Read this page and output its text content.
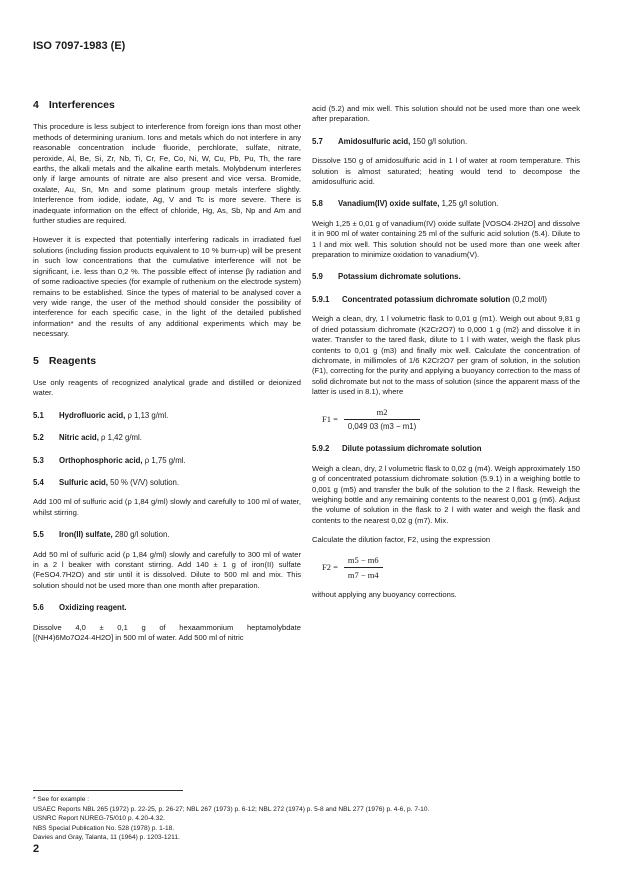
ISO 7097-1983 (E)
4 Interferences

This procedure is less subject to interference from foreign ions than most other methods of determining uranium. Ions and metals which do not interfere in any reasonable concentration include fluoride, perchlorate, sulfate, nitrate, peroxide, Al, Be, Si, Zr, Nb, Ti, Cr, Fe, Co, Ni, W, Cu, Pb, Pu, Th, the rare earths, the alkali metals and the alkaline earth metals. Molybdenum interferes only if large amounts of nitrate are also present and vice versa. Bromide, oxalate, Au, Sn, Mn and some platinum group metals interfere slightly. Interference from iodide, iodate, Ag, V and Tc is more severe. There is inadequate information on the effect of chloride, Hg, As, Sb, Np and Am and further studies are required.

However it is expected that potentially interfering radicals in irradiated fuel solutions (including fission products equivalent to 10 % burn-up) will be present in such low concentrations that the cumulative interference will not be significant, i.e. less than 0,2 %. The possible effect of intense βγ radiation and of some radioactive species (for example of ruthenium on the electrode system) remains to be established. Since the types of material to be analysed cover a very wide range, the user of the method should consider the possibility of interference for each specific case, in the light of the detailed published information* and the results of any additional experiments which may be necessary.

5 Reagents

Use only reagents of recognized analytical grade and distilled or deionized water.

5.1 Hydrofluoric acid, ρ 1,13 g/ml.
5.2 Nitric acid, ρ 1,42 g/ml.
5.3 Orthophosphoric acid, ρ 1,75 g/ml.
5.4 Sulfuric acid, 50 % (V/V) solution.

Add 100 ml of sulfuric acid (ρ 1,84 g/ml) slowly and carefully to 100 ml of water, whilst stirring.

5.5 Iron(II) sulfate, 280 g/l solution.

Add 50 ml of sulfuric acid (ρ 1,84 g/ml) slowly and carefully to 300 ml of water in a 2 l beaker with constant stirring. Add 140 ± 1 g of iron(II) sulfate (FeSO4.7H2O) and stir until it is dissolved. Dilute to 500 ml and mix. This solution should not be used more than one month after preparation.

5.6 Oxidizing reagent.

Dissolve 4,0 ± 0,1 g of hexaammonium heptamolybdate [(NH4)6Mo7O24·4H2O] in 500 ml of water. Add 500 ml of nitric

acid (5.2) and mix well. This solution should not be used more than one week after preparation.

5.7 Amidosulfuric acid, 150 g/l solution.

Dissolve 150 g of amidosulfuric acid in 1 l of water at room temperature. This solution is almost saturated; heating would tend to decompose the amidosulfuric acid.

5.8 Vanadium(IV) oxide sulfate, 1,25 g/l solution.

Weigh 1,25 ± 0,01 g of vanadium(IV) oxide sulfate [VOSO4·2H2O] and dissolve it in 900 ml of water containing 25 ml of the sulfuric acid solution (5.4). Dilute to 1 l and mix well. This solution should not be used more than one week after preparation to minimize oxidation to vanadium(V).

5.9 Potassium dichromate solutions.
5.9.1 Concentrated potassium dichromate solution (0,2 mol/l)

Weigh a clean, dry, 1 l volumetric flask to 0,01 g (m1). Weigh out about 9,81 g of dried potassium dichromate (K2Cr2O7) to 0,000 1 g (m2) and dissolve it in water. Transfer to the tared flask, dilute to 1 l with water, weigh the flask plus contents to 0,01 g (m3) and finally mix well. Calculate the concentration of dichromate, in millimoles of 1/6 K2Cr2O7 per gram of solution, in the solution (F1), correcting for the purity and applying a buoyancy correction to the mass of solid dichromate but not to the mass of solution (since the apparent mass of the latter is used in 8.1), where

$F1 = \frac{m2}{0,049 03 (m3 - m1)}$
5.9.2 Dilute potassium dichromate solution

Weigh a clean, dry, 2 l volumetric flask to 0,02 g (m4). Weigh approximately 150 g of concentrated potassium dichromate solution (5.9.1) in a weighing bottle to 0,001 g (m5) and transfer the bulk of the solution to the 2 l flask. Reweigh the weighing bottle and any remaining contents to the nearest 0,001 g (m6). Adjust the volume of solution in the flask to 2 l with water and weigh the flask and contents to the nearest 0,02 g (m7). Mix.

Calculate the dilution factor, F2, using the expression

$F2 = \frac{m5 - m6}{m7 - m4}$

without applying any buoyancy corrections.

* See for example :
USAEC Reports NBL 265 (1972) p. 22-25, p. 26-27; NBL 267 (1973) p. 6-12; NBL 272 (1974) p. 5-8 and NBL 277 (1976) p. 4-6, p. 7-10.
USNRC Report NUREG-75/010 p. 4.20-4.32.
NBS Special Publication No. 528 (1978) p. 1-18.
Davies and Gray, Talanta, 11 (1964) p. 1203-1211.
2
